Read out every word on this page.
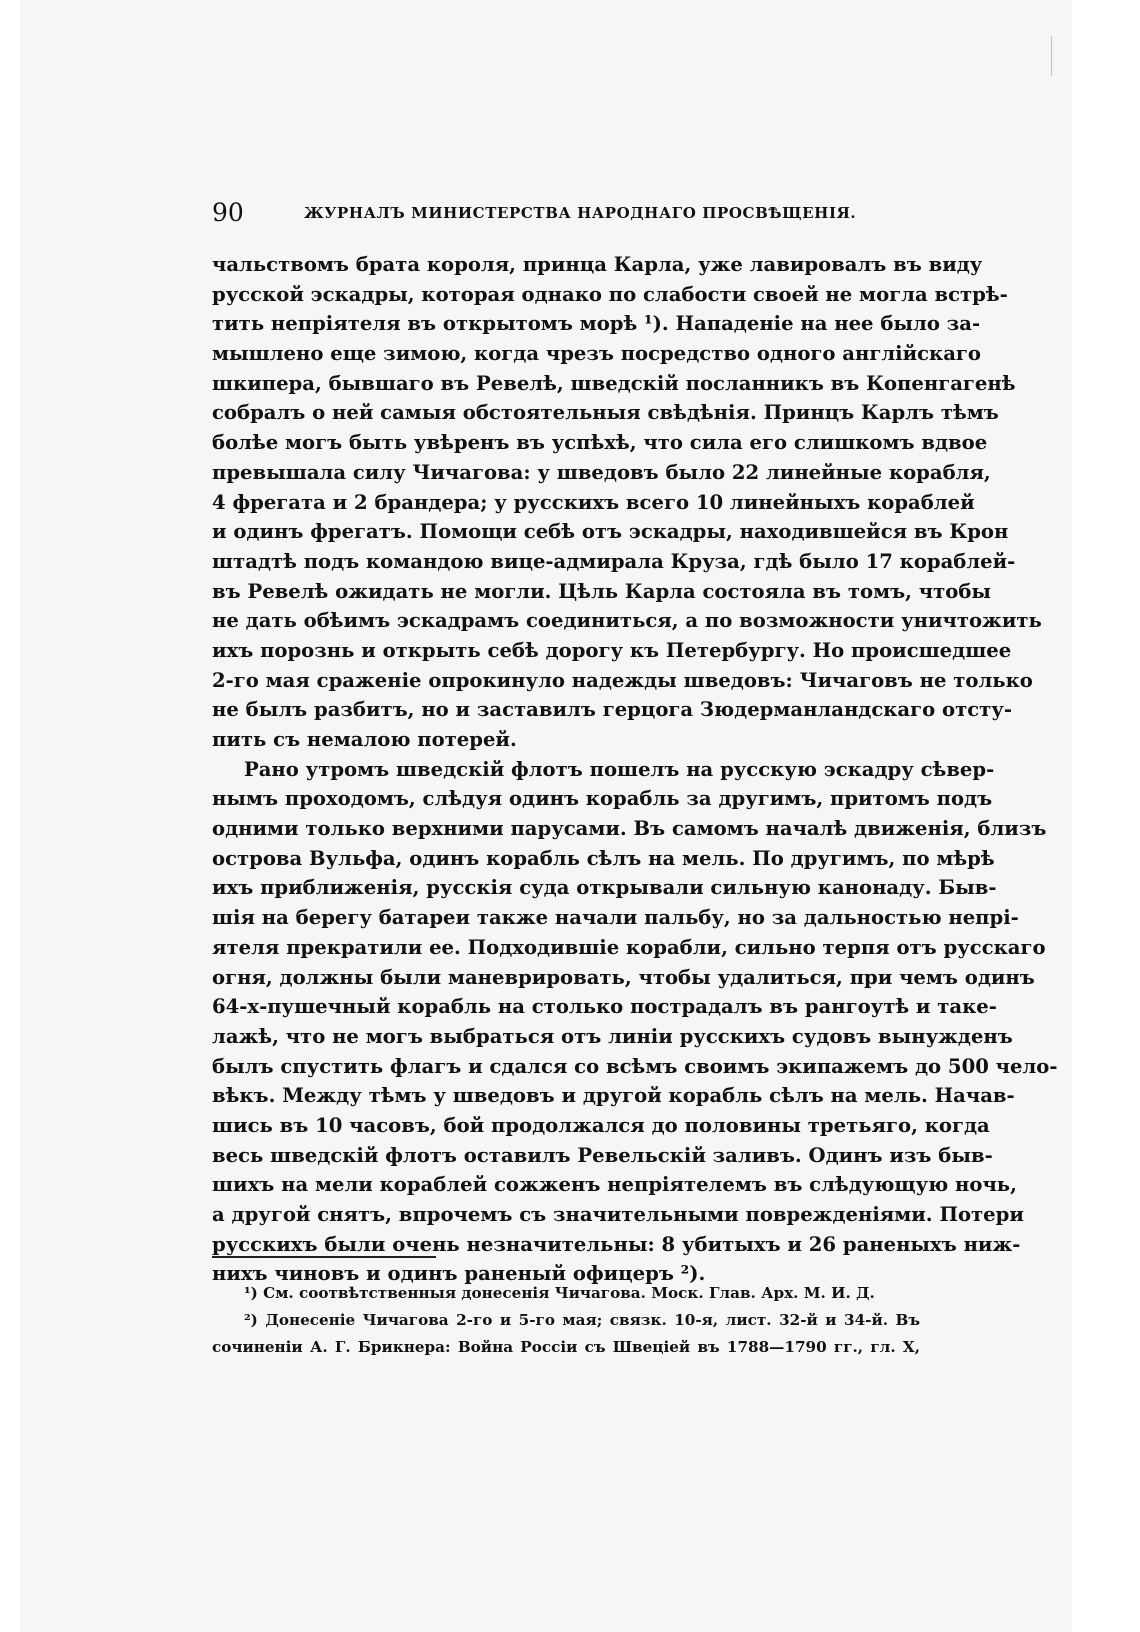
90	ЖУРНАЛЪ МИНИСТЕРСТВА НАРОДНАГО ПРОСВѢЩЕНІЯ.
чальствомъ брата короля, принца Карла, уже лавировалъ въ виду
русской эскадры, которая однако по слабости своей не могла встрѣ-
тить непріятеля въ открытомъ морѣ ¹). Нападеніе на нее было за-
мышлено еще зимою, когда чрезъ посредство одного англійскаго
шкипера, бывшаго въ Ревелѣ, шведскій посланникъ въ Копенгагенѣ
собралъ о ней самыя обстоятельныя свѣдѣнія. Принцъ Карлъ тѣмъ
болѣе могъ быть увѣренъ въ успѣхѣ, что сила его слишкомъ вдвое
превышала силу Чичагова: у шведовъ было 22 линейные корабля,
4 фрегата и 2 брандера; у русскихъ всего 10 линейныхъ кораблей
и одинъ фрегатъ. Помощи себѣ отъ эскадры, находившейся въ Крон
штадтѣ подъ командою вице-адмирала Круза, гдѣ было 17 кораблей-
въ Ревелѣ ожидать не могли. Цѣль Карла состояла въ томъ, чтобы
не дать обѣимъ эскадрамъ соединиться, а по возможности уничтожить
ихъ порознь и открыть себѣ дорогу къ Петербургу. Но происшедшее
2-го мая сраженіе опрокинуло надежды шведовъ: Чичаговъ не только
не былъ разбитъ, но и заставилъ герцога Зюдерманландскаго отсту-
пить съ немалою потерей.
Рано утромъ шведскій флотъ пошелъ на русскую эскадру сѣвер-
нымъ проходомъ, слѣдуя одинъ корабль за другимъ, притомъ подъ
одними только верхними парусами. Въ самомъ началѣ движенія, близъ
острова Вульфа, одинъ корабль сѣлъ на мель. По другимъ, по мѣрѣ
ихъ приближенія, русскія суда открывали сильную канонаду. Быв-
шія на берегу батареи также начали пальбу, но за дальностью непрі-
ятеля прекратили ее. Подходившіе корабли, сильно терпя отъ русскаго
огня, должны были маневрировать, чтобы удалиться, при чемъ одинъ
64-х-пушечный корабль на столько пострадалъ въ рангоутѣ и таке-
лажѣ, что не могъ выбраться отъ линіи русскихъ судовъ вынужденъ
былъ спустить флагъ и сдался со всѣмъ своимъ экипажемъ до 500 чело-
вѣкъ. Между тѣмъ у шведовъ и другой корабль сѣлъ на мель. Начав-
шись въ 10 часовъ, бой продолжался до половины третьяго, когда
весь шведскій флотъ оставилъ Ревельскій заливъ. Одинъ изъ быв-
шихъ на мели кораблей сожженъ непріятелемъ въ слѣдующую ночь,
а другой снятъ, впрочемъ съ значительными поврежденіями. Потери
русскихъ были очень незначительны: 8 убитыхъ и 26 раненыхъ ниж-
нихъ чиновъ и одинъ раненый офицеръ ²).
¹) См. соотвѣтственныя донесенія Чичагова. Моск. Глав. Арх. М. И. Д.
²) Донесеніе Чичагова 2-го и 5-го мая; связк. 10-я, лист. 32-й и 34-й. Въ
сочиненіи А. Г. Брикнера: Война Россіи съ Швеціей въ 1788—1790 гг., гл. X,
